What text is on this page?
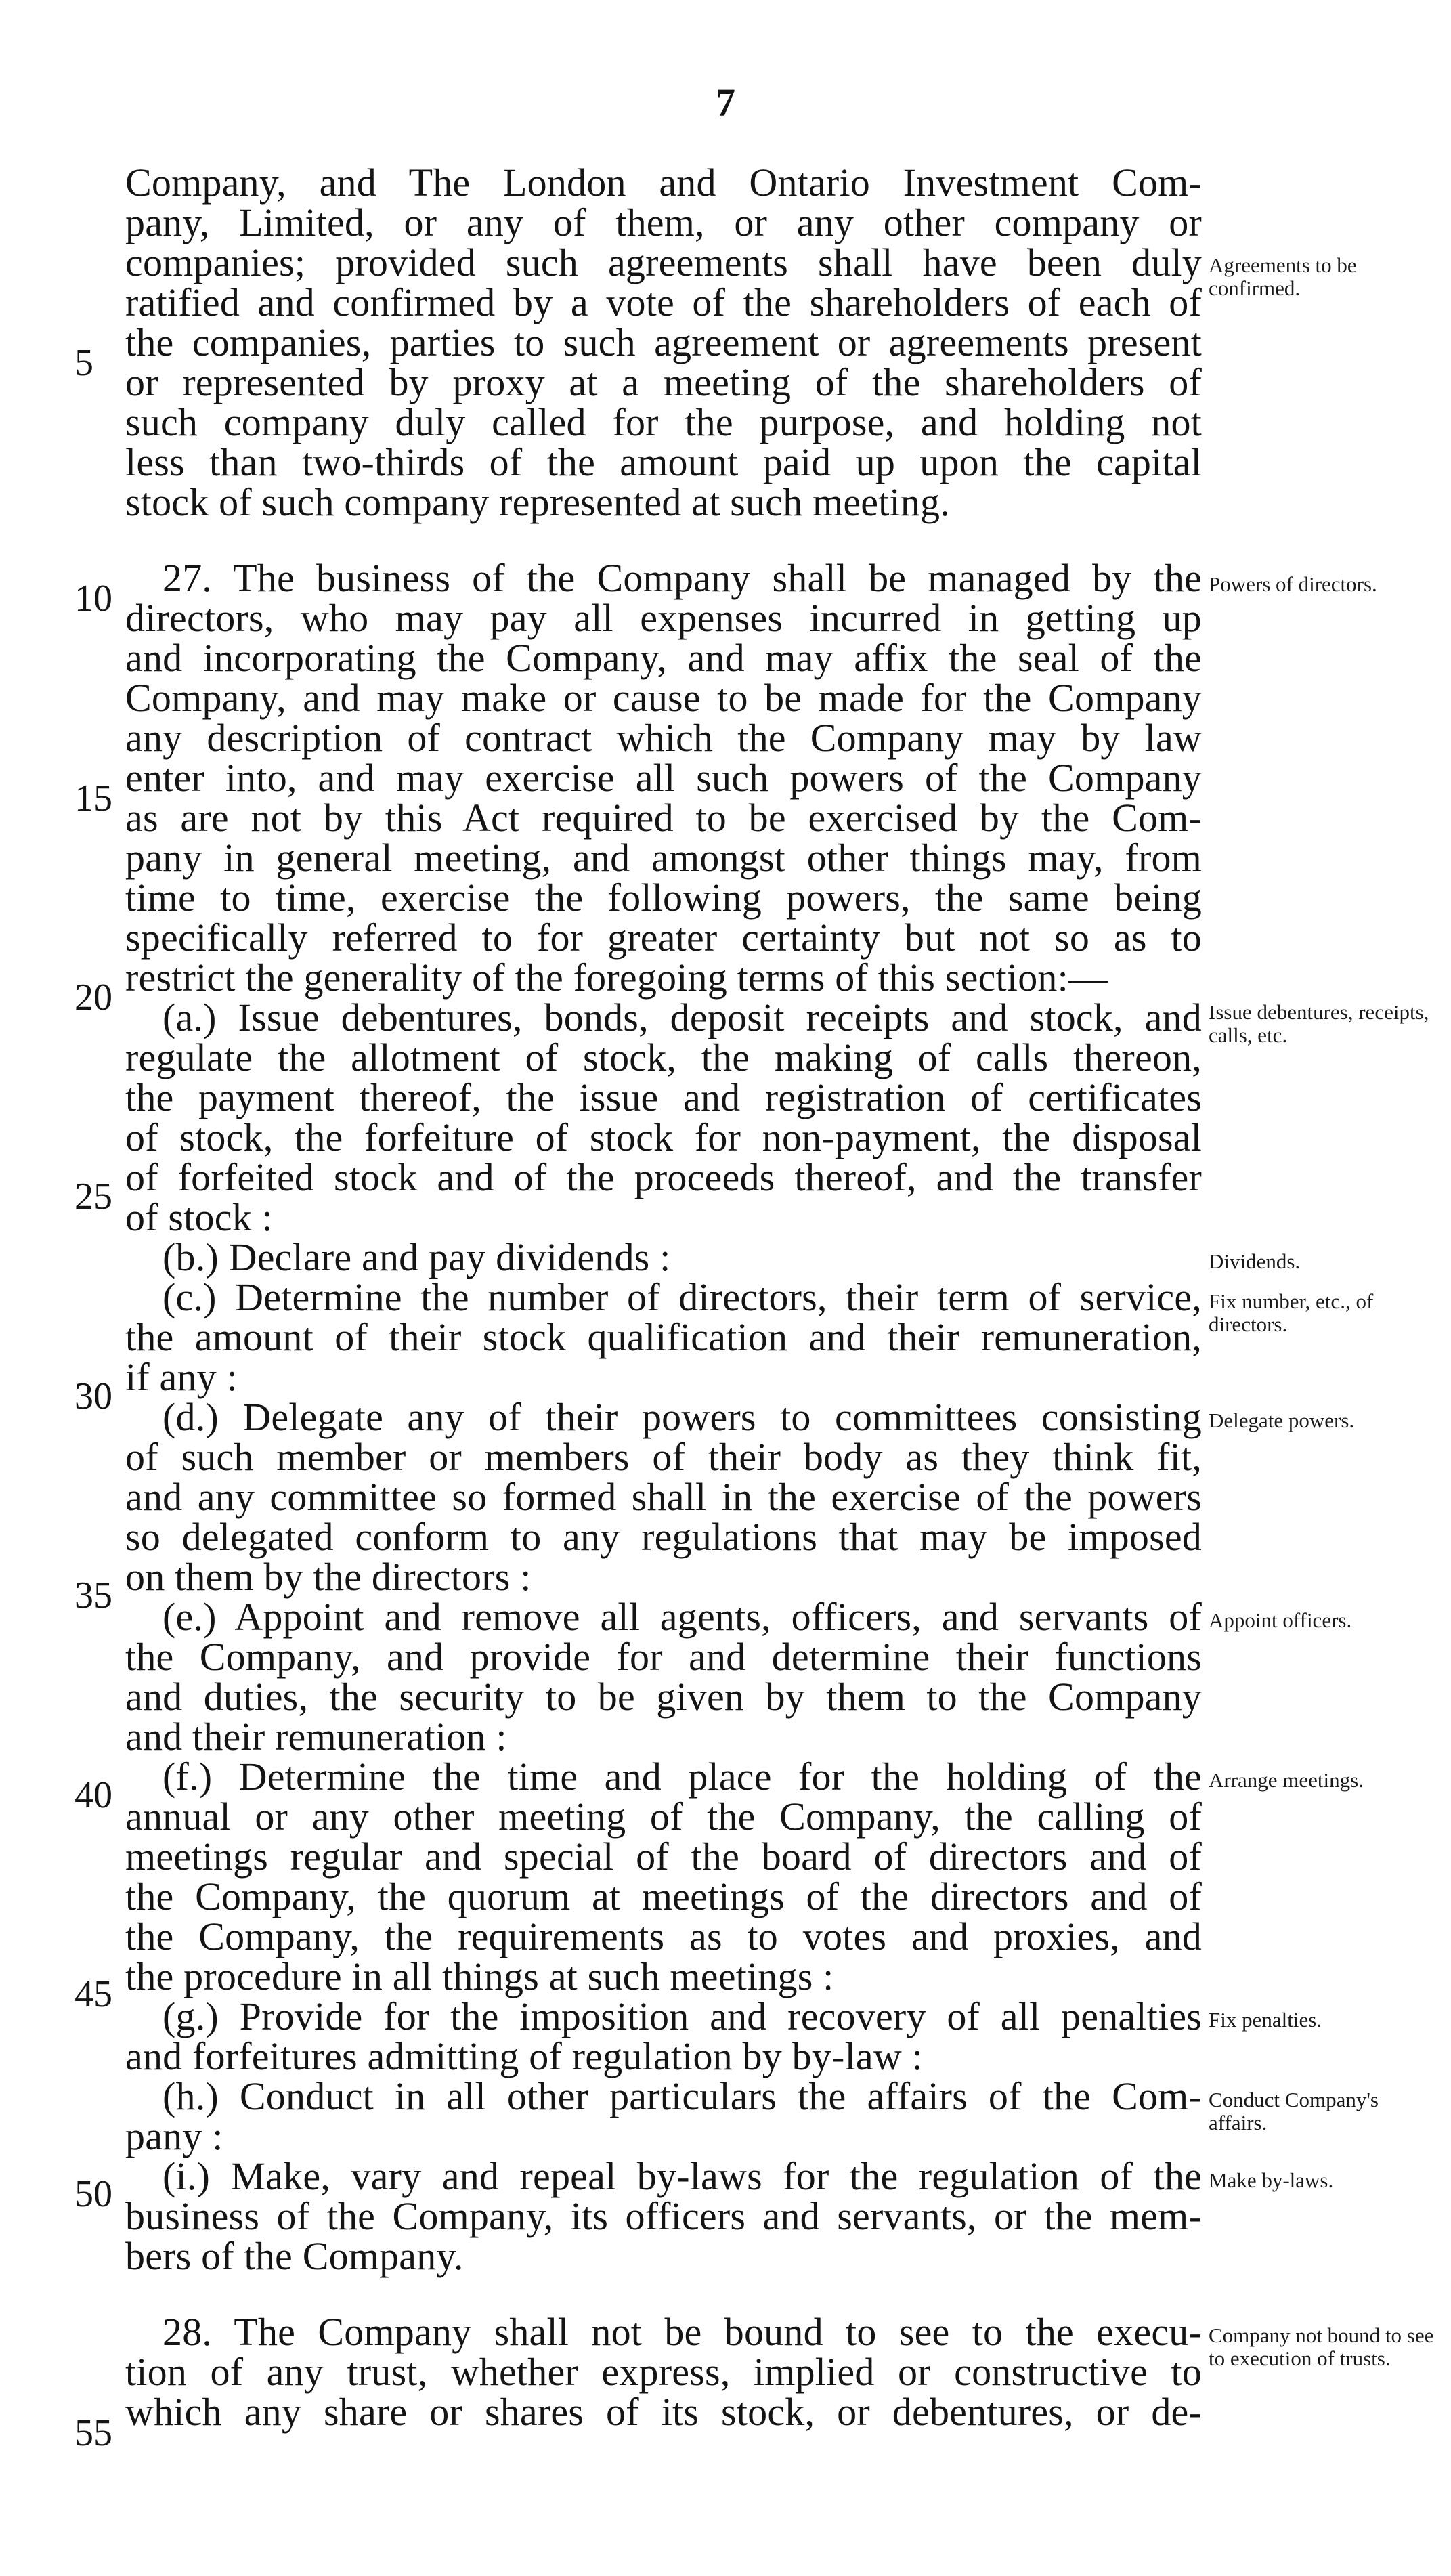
7
5
10
15
20
25
30
35
40
45
50
55
Company, and The London and Ontario Investment Com-
pany, Limited, or any of them, or any other company or
companies; provided such agreements shall have been duly
ratified and confirmed by a vote of the shareholders of each of
the companies, parties to such agreement or agreements present
or represented by proxy at a meeting of the shareholders of
such company duly called for the purpose, and holding not
less than two-thirds of the amount paid up upon the capital
stock of such company represented at such meeting.
27. The business of the Company shall be managed by the
directors, who may pay all expenses incurred in getting up
and incorporating the Company, and may affix the seal of the
Company, and may make or cause to be made for the Company
any description of contract which the Company may by law
enter into, and may exercise all such powers of the Company
as are not by this Act required to be exercised by the Com-
pany in general meeting, and amongst other things may, from
time to time, exercise the following powers, the same being
specifically referred to for greater certainty but not so as to
restrict the generality of the foregoing terms of this section:—
(a.) Issue debentures, bonds, deposit receipts and stock, and
regulate the allotment of stock, the making of calls thereon,
the payment thereof, the issue and registration of certificates
of stock, the forfeiture of stock for non-payment, the disposal
of forfeited stock and of the proceeds thereof, and the transfer
of stock :
(b.) Declare and pay dividends :
(c.) Determine the number of directors, their term of service,
the amount of their stock qualification and their remuneration,
if any :
(d.) Delegate any of their powers to committees consisting
of such member or members of their body as they think fit,
and any committee so formed shall in the exercise of the powers
so delegated conform to any regulations that may be imposed
on them by the directors :
(e.) Appoint and remove all agents, officers, and servants of
the Company, and provide for and determine their functions
and duties, the security to be given by them to the Company
and their remuneration :
(f.) Determine the time and place for the holding of the
annual or any other meeting of the Company, the calling of
meetings regular and special of the board of directors and of
the Company, the quorum at meetings of the directors and of
the Company, the requirements as to votes and proxies, and
the procedure in all things at such meetings :
(g.) Provide for the imposition and recovery of all penalties
and forfeitures admitting of regulation by by-law :
(h.) Conduct in all other particulars the affairs of the Com-
pany :
(i.) Make, vary and repeal by-laws for the regulation of the
business of the Company, its officers and servants, or the mem-
bers of the Company.
28. The Company shall not be bound to see to the execu-
tion of any trust, whether express, implied or constructive to
which any share or shares of its stock, or debentures, or de-
Agreements to be confirmed.
Powers of directors.
Issue debentures, receipts, calls, etc.
Dividends.
Fix number, etc., of directors.
Delegate powers.
Appoint officers.
Arrange meetings.
Fix penalties.
Conduct Company's affairs.
Make by-laws.
Company not bound to see to execution of trusts.
